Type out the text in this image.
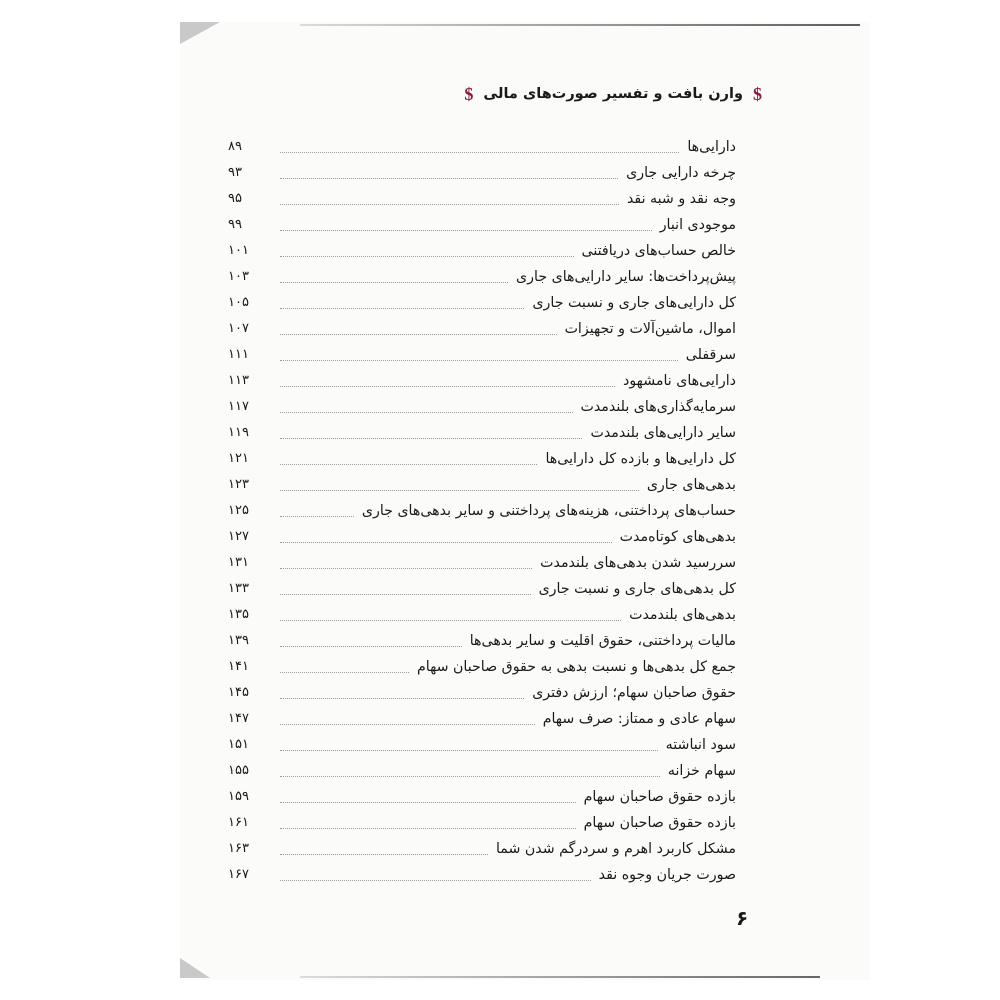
$
وارن بافت و تفسیر صورت‌های مالی
$
دارایی‌ها
۸۹
چرخه دارایی جاری
۹۳
وجه نقد و شبه نقد
۹۵
موجودی انبار
۹۹
خالص حساب‌های دریافتنی
۱۰۱
پیش‌پرداخت‌ها: سایر دارایی‌های جاری
۱۰۳
کل دارایی‌های جاری و نسبت جاری
۱۰۵
اموال، ماشین‌آلات و تجهیزات
۱۰۷
سرقفلی
۱۱۱
دارایی‌های نامشهود
۱۱۳
سرمایه‌گذاری‌های بلندمدت
۱۱۷
سایر دارایی‌های بلندمدت
۱۱۹
کل دارایی‌ها و بازده کل دارایی‌ها
۱۲۱
بدهی‌های جاری
۱۲۳
حساب‌های پرداختنی، هزینه‌های پرداختنی و سایر بدهی‌های جاری
۱۲۵
بدهی‌های کوتاه‌مدت
۱۲۷
سررسید شدن بدهی‌های بلندمدت
۱۳۱
کل بدهی‌های جاری و نسبت جاری
۱۳۳
بدهی‌های بلندمدت
۱۳۵
مالیات پرداختنی، حقوق اقلیت و سایر بدهی‌ها
۱۳۹
جمع کل بدهی‌ها و نسبت بدهی به حقوق صاحبان سهام
۱۴۱
حقوق صاحبان سهام؛ ارزش دفتری
۱۴۵
سهام عادی و ممتاز: صرف سهام
۱۴۷
سود انباشته
۱۵۱
سهام خزانه
۱۵۵
بازده حقوق صاحبان سهام
۱۵۹
بازده حقوق صاحبان سهام
۱۶۱
مشکل کاربرد اهرم و سردرگم شدن شما
۱۶۳
صورت جریان وجوه نقد
۱۶۷
۶
